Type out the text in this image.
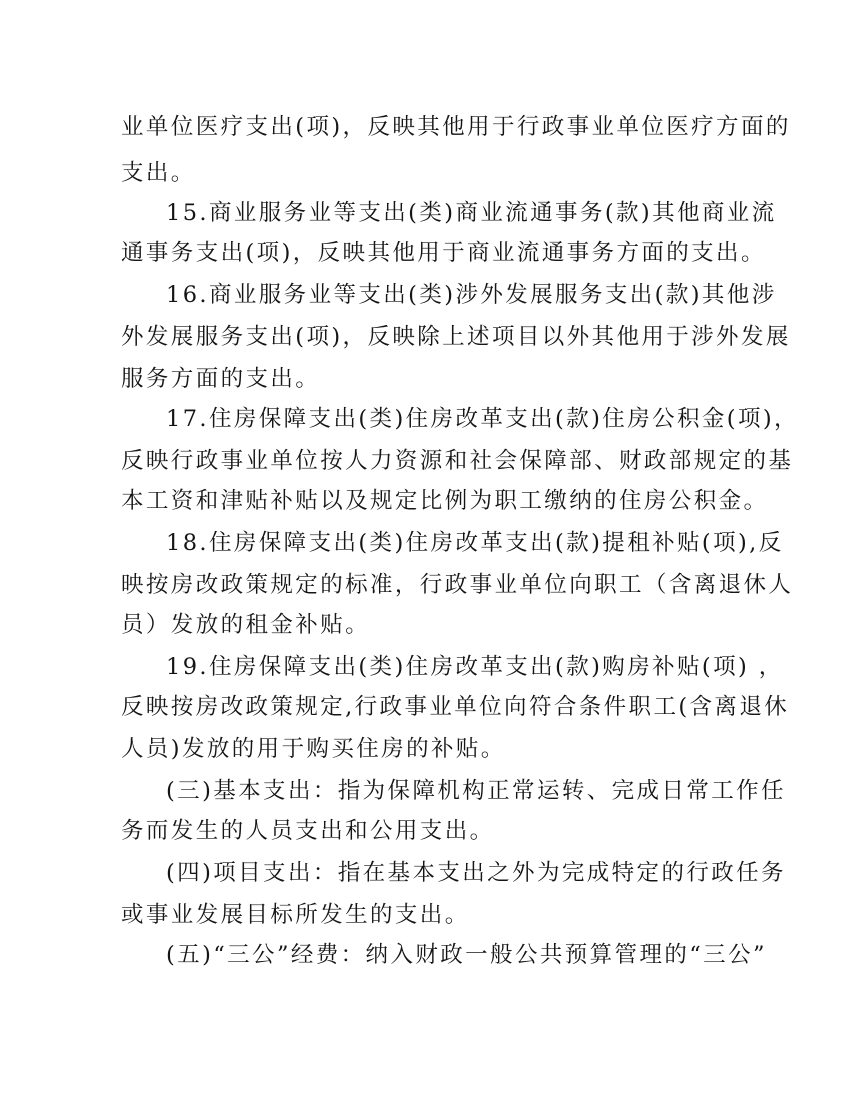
业单位医疗支出(项)，反映其他用于行政事业单位医疗方面的
支出。
15.商业服务业等支出(类)商业流通事务(款)其他商业流
通事务支出(项)，反映其他用于商业流通事务方面的支出。
16.商业服务业等支出(类)涉外发展服务支出(款)其他涉
外发展服务支出(项)，反映除上述项目以外其他用于涉外发展
服务方面的支出。
17.住房保障支出(类)住房改革支出(款)住房公积金(项)，
反映行政事业单位按人力资源和社会保障部、财政部规定的基
本工资和津贴补贴以及规定比例为职工缴纳的住房公积金。
18.住房保障支出(类)住房改革支出(款)提租补贴(项),反
映按房改政策规定的标准，行政事业单位向职工（含离退休人
员）发放的租金补贴。
19.住房保障支出(类)住房改革支出(款)购房补贴(项) ，
反映按房改政策规定,行政事业单位向符合条件职工(含离退休
人员)发放的用于购买住房的补贴。
(三)基本支出：指为保障机构正常运转、完成日常工作任
务而发生的人员支出和公用支出。
(四)项目支出：指在基本支出之外为完成特定的行政任务
或事业发展目标所发生的支出。
(五)“三公”经费：纳入财政一般公共预算管理的“三公”
